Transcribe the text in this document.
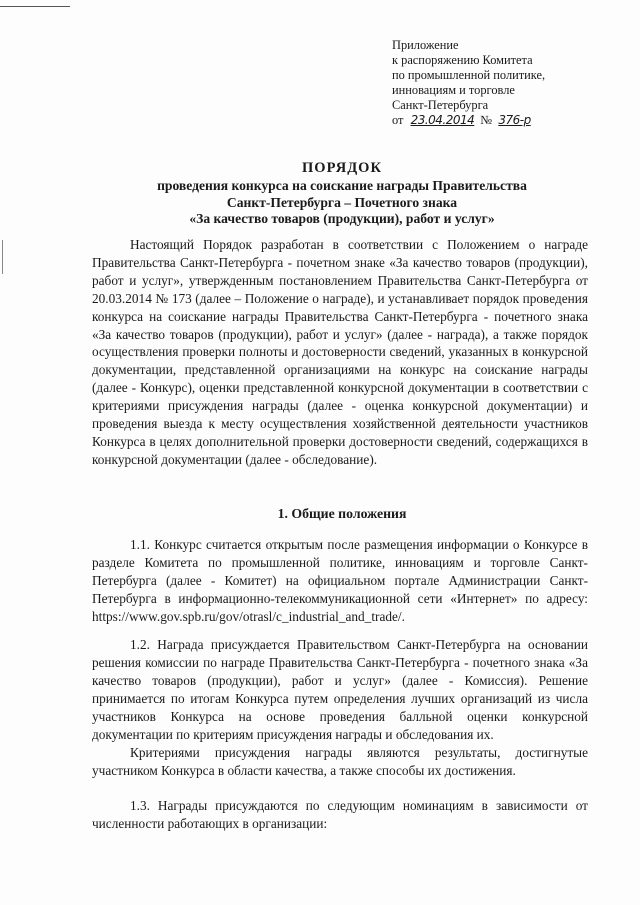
Приложение
к распоряжению Комитета
по промышленной политике,
инновациям и торговле
Санкт-Петербурга
от 23.04.2014 № 376-р
ПОРЯДОК
проведения конкурса на соискание награды Правительства
Санкт-Петербурга – Почетного знака
«За качество товаров (продукции), работ и услуг»

Настоящий Порядок разработан в соответствии с Положением о награде Правительства Санкт-Петербурга - почетном знаке «За качество товаров (продукции), работ и услуг», утвержденным постановлением Правительства Санкт-Петербурга от 20.03.2014 № 173 (далее – Положение о награде), и устанавливает порядок проведения конкурса на соискание награды Правительства Санкт-Петербурга - почетного знака «За качество товаров (продукции), работ и услуг» (далее - награда), а также порядок осуществления проверки полноты и достоверности сведений, указанных в конкурсной документации, представленной организациями на конкурс на соискание награды (далее - Конкурс), оценки представленной конкурсной документации в соответствии с критериями присуждения награды (далее - оценка конкурсной документации) и проведения выезда к месту осуществления хозяйственной деятельности участников Конкурса в целях дополнительной проверки достоверности сведений, содержащихся в конкурсной документации (далее - обследование).

1. Общие положения

1.1. Конкурс считается открытым после размещения информации о Конкурсе в разделе Комитета по промышленной политике, инновациям и торговле Санкт-Петербурга (далее - Комитет) на официальном портале Администрации Санкт-Петербурга в информационно-телекоммуникационной сети «Интернет» по адресу: https://www.gov.spb.ru/gov/otrasl/c_industrial_and_trade/.

1.2. Награда присуждается Правительством Санкт-Петербурга на основании решения комиссии по награде Правительства Санкт-Петербурга - почетного знака «За качество товаров (продукции), работ и услуг» (далее - Комиссия). Решение принимается по итогам Конкурса путем определения лучших организаций из числа участников Конкурса на основе проведения балльной оценки конкурсной документации по критериям присуждения награды и обследования их.

Критериями присуждения награды являются результаты, достигнутые участником Конкурса в области качества, а также способы их достижения.

1.3. Награды присуждаются по следующим номинациям в зависимости от численности работающих в организации:
